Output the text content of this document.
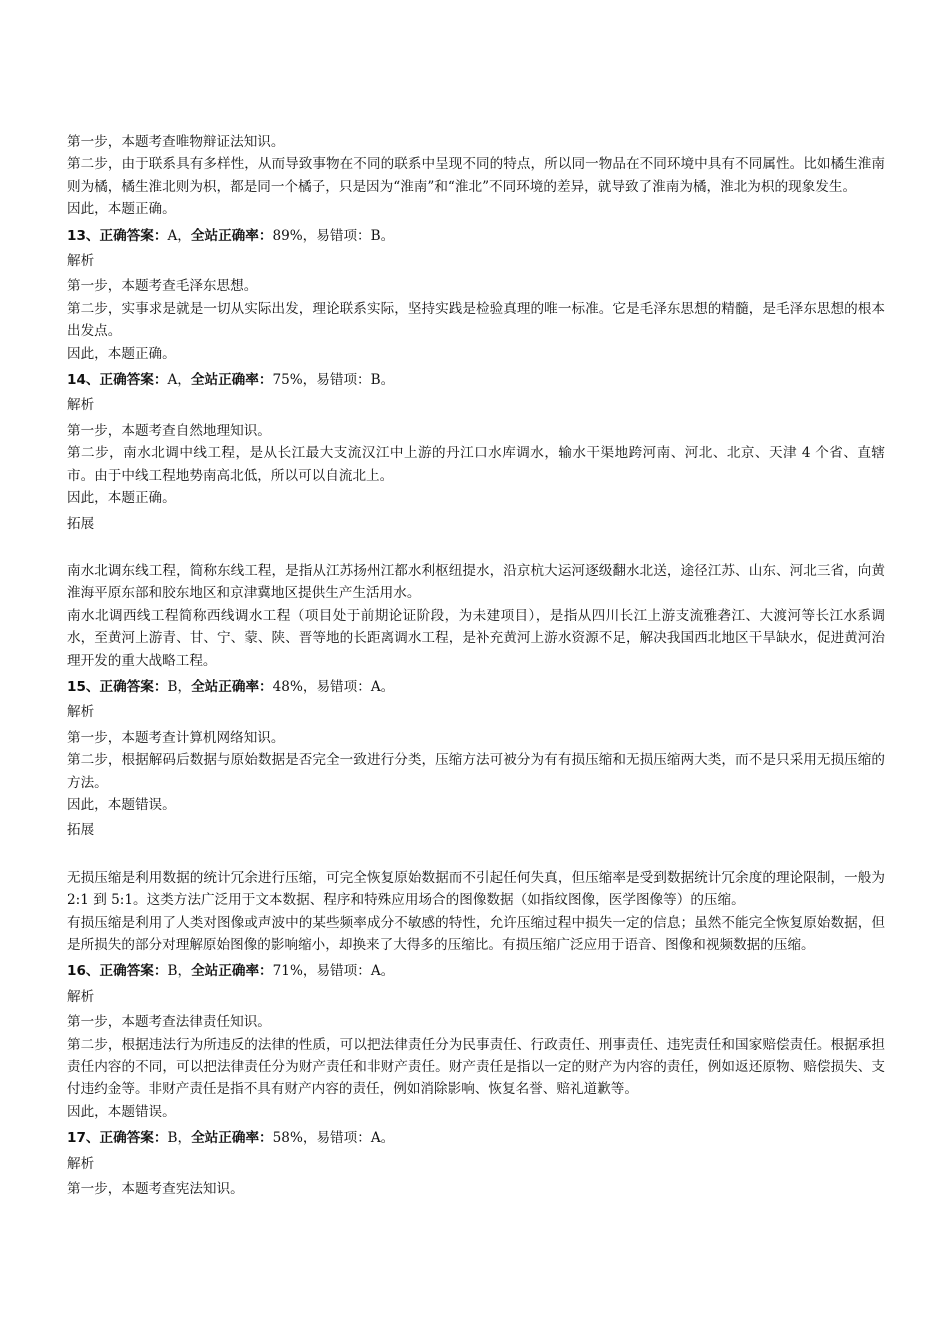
第一步，本题考查唯物辩证法知识。

第二步，由于联系具有多样性，从而导致事物在不同的联系中呈现不同的特点，所以同一物品在不同环境中具有不同属性。比如橘生淮南则为橘，橘生淮北则为枳，都是同一个橘子，只是因为“淮南”和“淮北”不同环境的差异，就导致了淮南为橘，淮北为枳的现象发生。

因此，本题正确。

13、正确答案：A，全站正确率：89%，易错项：B。

解析

第一步，本题考查毛泽东思想。

第二步，实事求是就是一切从实际出发，理论联系实际，坚持实践是检验真理的唯一标准。它是毛泽东思想的精髓，是毛泽东思想的根本出发点。

因此，本题正确。

14、正确答案：A，全站正确率：75%，易错项：B。

解析

第一步，本题考查自然地理知识。

第二步，南水北调中线工程，是从长江最大支流汉江中上游的丹江口水库调水，输水干渠地跨河南、河北、北京、天津 4 个省、直辖市。由于中线工程地势南高北低，所以可以自流北上。

因此，本题正确。

拓展

南水北调东线工程，简称东线工程，是指从江苏扬州江都水利枢纽提水，沿京杭大运河逐级翻水北送，途径江苏、山东、河北三省，向黄淮海平原东部和胶东地区和京津冀地区提供生产生活用水。

南水北调西线工程简称西线调水工程（项目处于前期论证阶段，为未建项目），是指从四川长江上游支流雅砻江、大渡河等长江水系调水，至黄河上游青、甘、宁、蒙、陕、晋等地的长距离调水工程，是补充黄河上游水资源不足，解决我国西北地区干旱缺水，促进黄河治理开发的重大战略工程。

15、正确答案：B，全站正确率：48%，易错项：A。

解析

第一步，本题考查计算机网络知识。

第二步，根据解码后数据与原始数据是否完全一致进行分类，压缩方法可被分为有有损压缩和无损压缩两大类，而不是只采用无损压缩的方法。

因此，本题错误。

拓展

无损压缩是利用数据的统计冗余进行压缩，可完全恢复原始数据而不引起任何失真，但压缩率是受到数据统计冗余度的理论限制，一般为 2:1 到 5:1。这类方法广泛用于文本数据、程序和特殊应用场合的图像数据（如指纹图像，医学图像等）的压缩。

有损压缩是利用了人类对图像或声波中的某些频率成分不敏感的特性，允许压缩过程中损失一定的信息；虽然不能完全恢复原始数据，但是所损失的部分对理解原始图像的影响缩小，却换来了大得多的压缩比。有损压缩广泛应用于语音、图像和视频数据的压缩。

16、正确答案：B，全站正确率：71%，易错项：A。

解析

第一步，本题考查法律责任知识。

第二步，根据违法行为所违反的法律的性质，可以把法律责任分为民事责任、行政责任、刑事责任、违宪责任和国家赔偿责任。根据承担责任内容的不同，可以把法律责任分为财产责任和非财产责任。财产责任是指以一定的财产为内容的责任，例如返还原物、赔偿损失、支付违约金等。非财产责任是指不具有财产内容的责任，例如消除影响、恢复名誉、赔礼道歉等。

因此，本题错误。

17、正确答案：B，全站正确率：58%，易错项：A。

解析

第一步，本题考查宪法知识。
